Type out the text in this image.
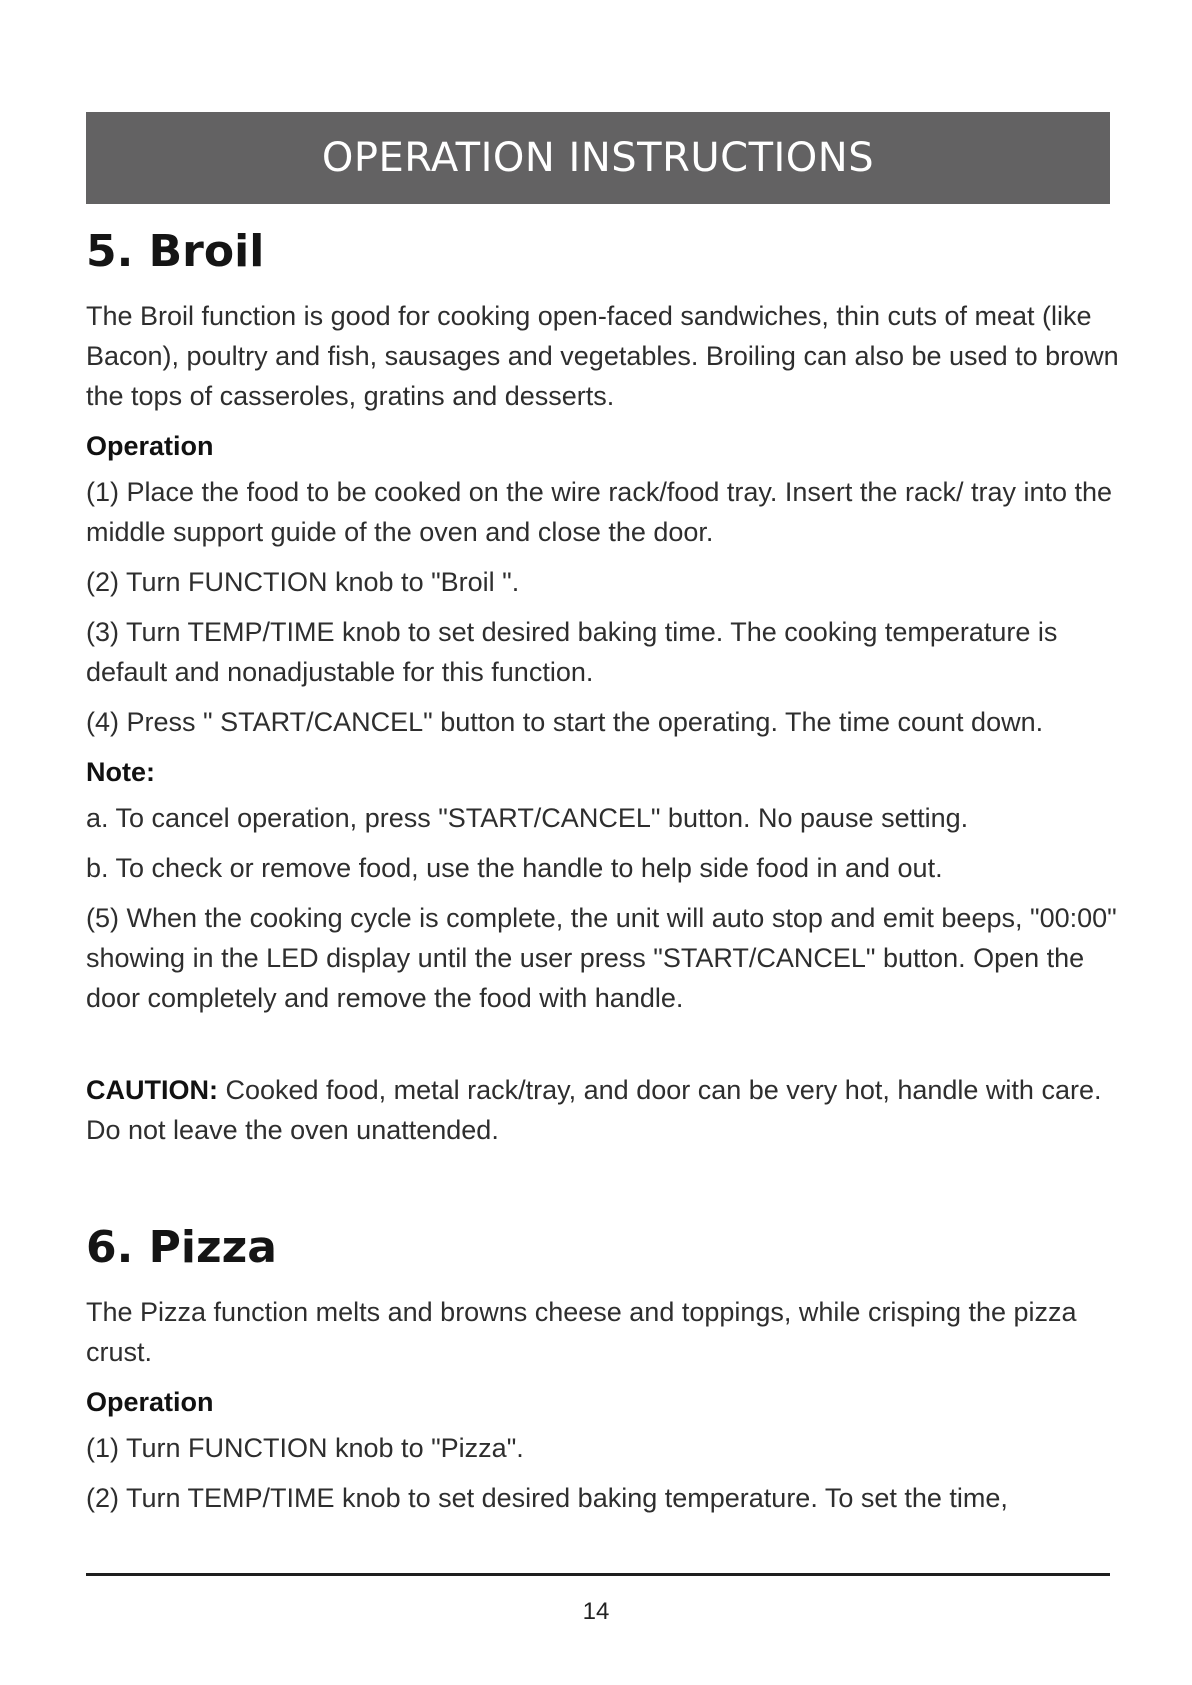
OPERATION INSTRUCTIONS
5. Broil

The Broil function is good for cooking open-faced sandwiches, thin cuts of meat (like Bacon), poultry and fish, sausages and vegetables. Broiling can also be used to brown the tops of casseroles, gratins and desserts.

Operation

(1) Place the food to be cooked on the wire rack/food tray. Insert the rack/ tray into the middle support guide of the oven and close the door.

(2) Turn FUNCTION knob to "Broil ".

(3) Turn TEMP/TIME knob to set desired baking time. The cooking temperature is default and nonadjustable for this function.

(4) Press " START/CANCEL" button to start the operating. The time count down.

Note:

a. To cancel operation, press "START/CANCEL" button. No pause setting.

b. To check or remove food, use the handle to help side food in and out.

(5) When the cooking cycle is complete, the unit will auto stop and emit beeps, "00:00" showing in the LED display until the user press "START/CANCEL" button. Open the door completely and remove the food with handle.

CAUTION: Cooked food, metal rack/tray, and door can be very hot, handle with care. Do not leave the oven unattended.

6. Pizza

The Pizza function melts and browns cheese and toppings, while crisping the pizza crust.

Operation

(1) Turn FUNCTION knob to "Pizza".

(2) Turn TEMP/TIME knob to set desired baking temperature. To set the time,

14
